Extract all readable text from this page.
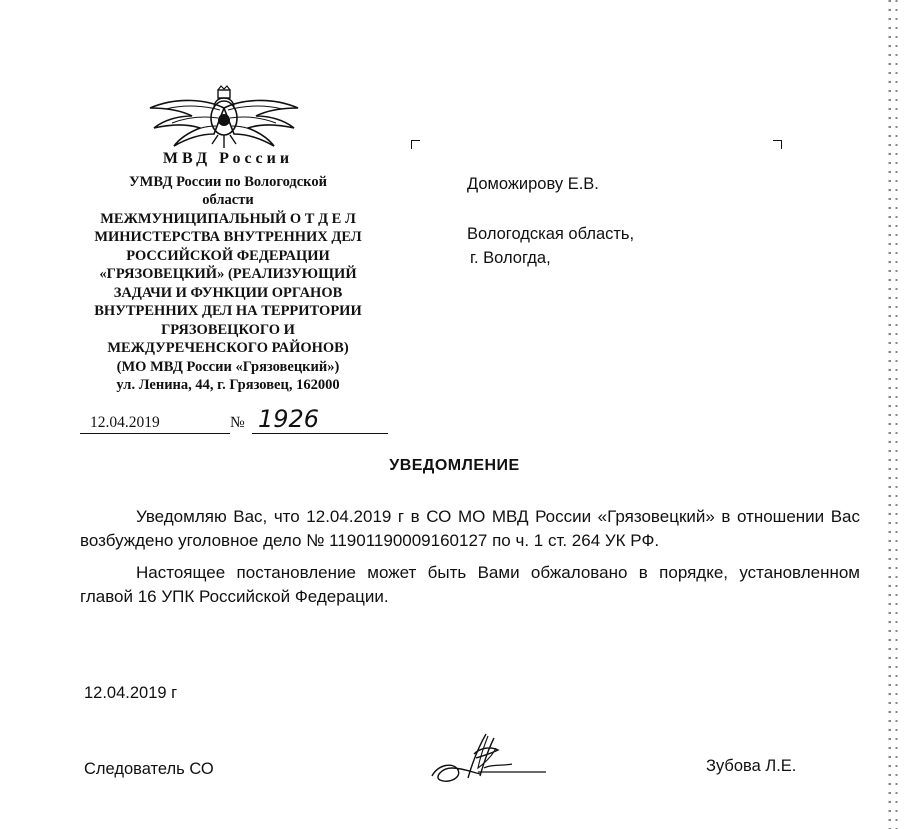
МВД России
УМВД России по Вологодской
области
МЕЖМУНИЦИПАЛЬНЫЙ О Т Д Е Л
МИНИСТЕРСТВА ВНУТРЕННИХ ДЕЛ
РОССИЙСКОЙ ФЕДЕРАЦИИ
«ГРЯЗОВЕЦКИЙ» (РЕАЛИЗУЮЩИЙ
ЗАДАЧИ И ФУНКЦИИ ОРГАНОВ
ВНУТРЕННИХ ДЕЛ НА ТЕРРИТОРИИ
ГРЯЗОВЕЦКОГО И
МЕЖДУРЕЧЕНСКОГО РАЙОНОВ)
(МО МВД России «Грязовецкий»)
ул. Ленина, 44, г. Грязовец, 162000
12.04.2019	№ 1926
Доможирову Е.В.
Вологодская область,
г. Вологда,
УВЕДОМЛЕНИЕ

Уведомляю Вас, что 12.04.2019 г в СО МО МВД России «Грязовецкий» в отношении Вас возбуждено уголовное дело № 11901190009160127 по ч. 1 ст. 264 УК РФ.

Настоящее постановление может быть Вами обжаловано в порядке, установленном главой 16 УПК Российской Федерации.

12.04.2019 г
Следователь СО	Зубова Л.Е.
